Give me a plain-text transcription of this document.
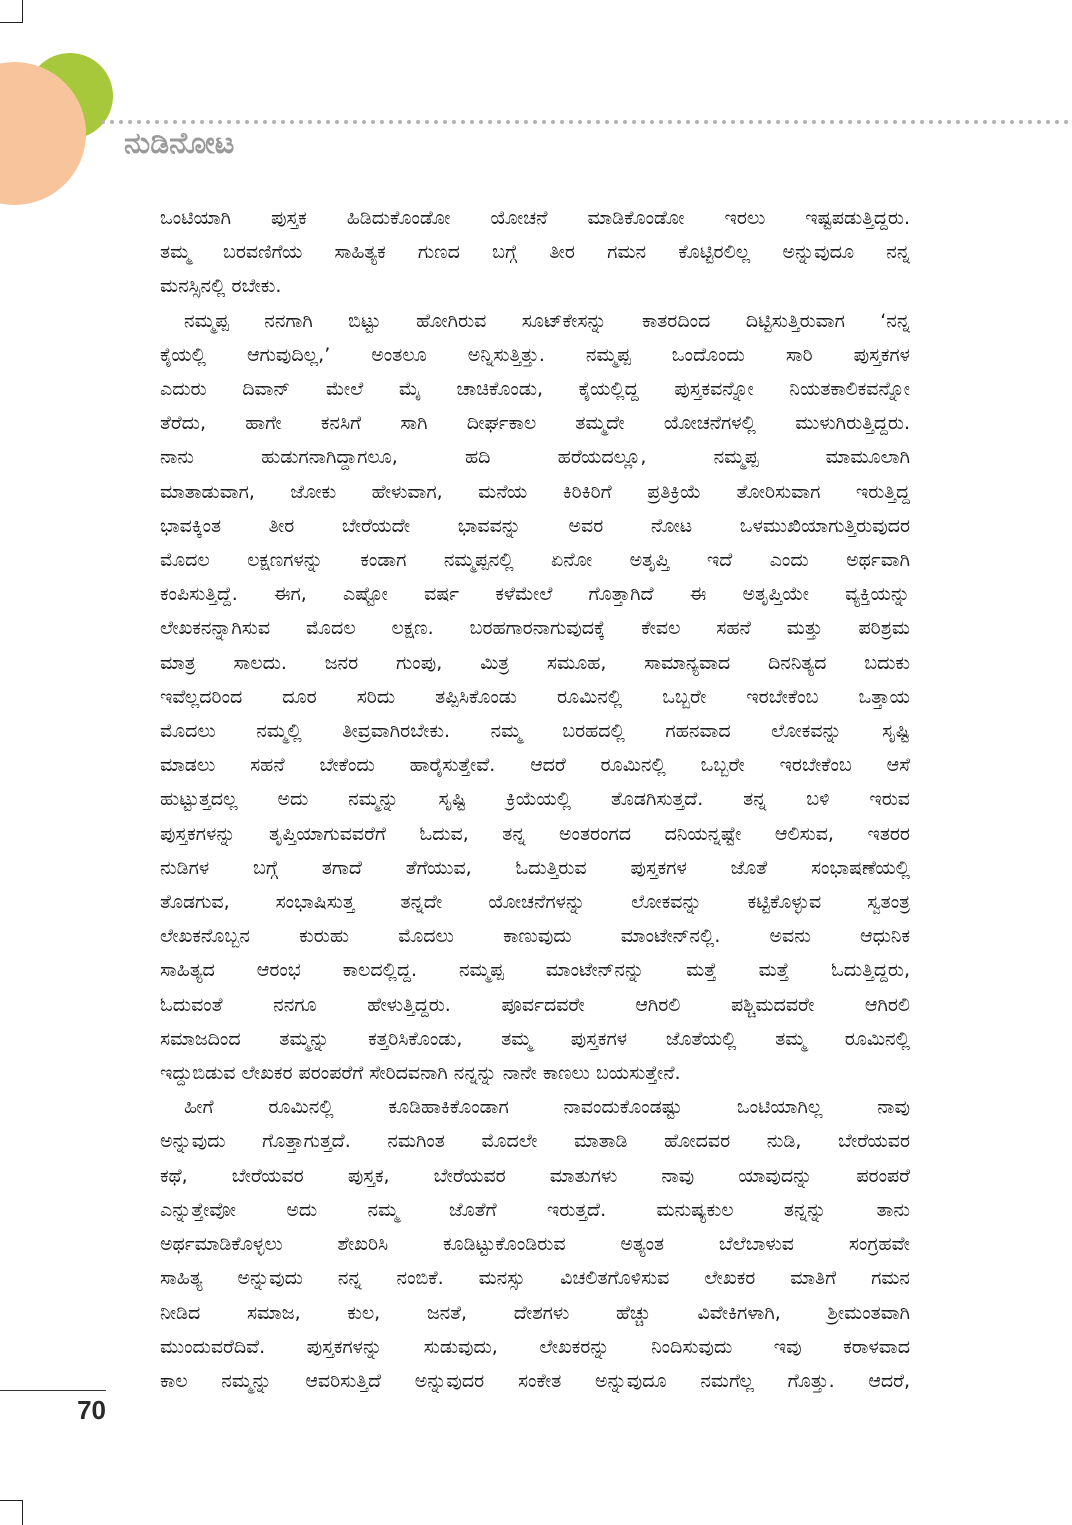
ನುಡಿನೋಟ
ಒಂಟಿಯಾಗಿ ಪುಸ್ತಕ ಹಿಡಿದುಕೊಂಡೋ ಯೋಚನೆ ಮಾಡಿಕೊಂಡೋ ಇರಲು ಇಷ್ಟಪಡುತ್ತಿದ್ದರು.
ತಮ್ಮ ಬರವಣಿಗೆಯ ಸಾಹಿತ್ಯಕ ಗುಣದ ಬಗ್ಗೆ ತೀರ ಗಮನ ಕೊಟ್ಟಿರಲಿಲ್ಲ ಅನ್ನುವುದೂ ನನ್ನ
ಮನಸ್ಸಿನಲ್ಲಿ ರಬೇಕು.
ನಮ್ಮಪ್ಪ ನನಗಾಗಿ ಬಿಟ್ಟು ಹೋಗಿರುವ ಸೂಟ್‌ಕೇಸನ್ನು ಕಾತರದಿಂದ ದಿಟ್ಟಿಸುತ್ತಿರುವಾಗ ‘ನನ್ನ
ಕೈಯಲ್ಲಿ ಆಗುವುದಿಲ್ಲ,’ ಅಂತಲೂ ಅನ್ನಿಸುತ್ತಿತ್ತು. ನಮ್ಮಪ್ಪ ಒಂದೊಂದು ಸಾರಿ ಪುಸ್ತಕಗಳ
ಎದುರು ದಿವಾನ್ ಮೇಲೆ ಮೈ ಚಾಚಿಕೊಂಡು, ಕೈಯಲ್ಲಿದ್ದ ಪುಸ್ತಕವನ್ನೋ ನಿಯತಕಾಲಿಕವನ್ನೋ
ತೆರೆದು, ಹಾಗೇ ಕನಸಿಗೆ ಸಾಗಿ ದೀರ್ಘಕಾಲ ತಮ್ಮದೇ ಯೋಚನೆಗಳಲ್ಲಿ ಮುಳುಗಿರುತ್ತಿದ್ದರು.
ನಾನು ಹುಡುಗನಾಗಿದ್ದಾಗಲೂ, ಹದಿ ಹರೆಯದಲ್ಲೂ, ನಮ್ಮಪ್ಪ ಮಾಮೂಲಾಗಿ
ಮಾತಾಡುವಾಗ, ಜೋಕು ಹೇಳುವಾಗ, ಮನೆಯ ಕಿರಿಕಿರಿಗೆ ಪ್ರತಿಕ್ರಿಯೆ ತೋರಿಸುವಾಗ ಇರುತ್ತಿದ್ದ
ಭಾವಕ್ಕಿಂತ ತೀರ ಬೇರೆಯದೇ ಭಾವವನ್ನು ಅವರ ನೋಟ ಒಳಮುಖಿಯಾಗುತ್ತಿರುವುದರ
ಮೊದಲ ಲಕ್ಷಣಗಳನ್ನು ಕಂಡಾಗ ನಮ್ಮಪ್ಪನಲ್ಲಿ ಏನೋ ಅತೃಪ್ತಿ ಇದೆ ಎಂದು ಅರ್ಥವಾಗಿ
ಕಂಪಿಸುತ್ತಿದ್ದೆ. ಈಗ, ಎಷ್ಟೋ ವರ್ಷ ಕಳೆಮೇಲೆ ಗೊತ್ತಾಗಿದೆ ಈ ಅತೃಪ್ತಿಯೇ ವ್ಯಕ್ತಿಯನ್ನು
ಲೇಖಕನನ್ನಾಗಿಸುವ ಮೊದಲ ಲಕ್ಷಣ. ಬರಹಗಾರನಾಗುವುದಕ್ಕೆ ಕೇವಲ ಸಹನೆ ಮತ್ತು ಪರಿಶ್ರಮ
ಮಾತ್ರ ಸಾಲದು. ಜನರ ಗುಂಪು, ಮಿತ್ರ ಸಮೂಹ, ಸಾಮಾನ್ಯವಾದ ದಿನನಿತ್ಯದ ಬದುಕು
ಇವೆಲ್ಲದರಿಂದ ದೂರ ಸರಿದು ತಪ್ಪಿಸಿಕೊಂಡು ರೂಮಿನಲ್ಲಿ ಒಬ್ಬರೇ ಇರಬೇಕೆಂಬ ಒತ್ತಾಯ
ಮೊದಲು ನಮ್ಮಲ್ಲಿ ತೀವ್ರವಾಗಿರಬೇಕು. ನಮ್ಮ ಬರಹದಲ್ಲಿ ಗಹನವಾದ ಲೋಕವನ್ನು ಸೃಷ್ಟಿ
ಮಾಡಲು ಸಹನೆ ಬೇಕೆಂದು ಹಾರೈಸುತ್ತೇವೆ. ಆದರೆ ರೂಮಿನಲ್ಲಿ ಒಬ್ಬರೇ ಇರಬೇಕೆಂಬ ಆಸೆ
ಹುಟ್ಟುತ್ತದಲ್ಲ ಅದು ನಮ್ಮನ್ನು ಸೃಷ್ಟಿ ಕ್ರಿಯೆಯಲ್ಲಿ ತೊಡಗಿಸುತ್ತದೆ. ತನ್ನ ಬಳಿ ಇರುವ
ಪುಸ್ತಕಗಳನ್ನು ತೃಪ್ತಿಯಾಗುವವರೆಗೆ ಓದುವ, ತನ್ನ ಅಂತರಂಗದ ದನಿಯನ್ನಷ್ಟೇ ಆಲಿಸುವ, ಇತರರ
ನುಡಿಗಳ ಬಗ್ಗೆ ತಗಾದೆ ತೆಗೆಯುವ, ಓದುತ್ತಿರುವ ಪುಸ್ತಕಗಳ ಜೊತೆ ಸಂಭಾಷಣೆಯಲ್ಲಿ
ತೊಡಗುವ, ಸಂಭಾಷಿಸುತ್ತ ತನ್ನದೇ ಯೋಚನೆಗಳನ್ನು ಲೋಕವನ್ನು ಕಟ್ಟಿಕೊಳ್ಳುವ ಸ್ವತಂತ್ರ
ಲೇಖಕನೊಬ್ಬನ ಕುರುಹು ಮೊದಲು ಕಾಣುವುದು ಮಾಂಟೇನ್‌ನಲ್ಲಿ. ಅವನು ಆಧುನಿಕ
ಸಾಹಿತ್ಯದ ಆರಂಭ ಕಾಲದಲ್ಲಿದ್ದ. ನಮ್ಮಪ್ಪ ಮಾಂಟೇನ್‌ನನ್ನು ಮತ್ತೆ ಮತ್ತೆ ಓದುತ್ತಿದ್ದರು,
ಓದುವಂತೆ ನನಗೂ ಹೇಳುತ್ತಿದ್ದರು. ಪೂರ್ವದವರೇ ಆಗಿರಲಿ ಪಶ್ಚಿಮದವರೇ ಆಗಿರಲಿ
ಸಮಾಜದಿಂದ ತಮ್ಮನ್ನು ಕತ್ತರಿಸಿಕೊಂಡು, ತಮ್ಮ ಪುಸ್ತಕಗಳ ಜೊತೆಯಲ್ಲಿ ತಮ್ಮ ರೂಮಿನಲ್ಲಿ
ಇದ್ದುಬಿಡುವ ಲೇಖಕರ ಪರಂಪರೆಗೆ ಸೇರಿದವನಾಗಿ ನನ್ನನ್ನು ನಾನೇ ಕಾಣಲು ಬಯಸುತ್ತೇನೆ.
ಹೀಗೆ ರೂಮಿನಲ್ಲಿ ಕೂಡಿಹಾಕಿಕೊಂಡಾಗ ನಾವಂದುಕೊಂಡಷ್ಟು ಒಂಟಿಯಾಗಿಲ್ಲ ನಾವು
ಅನ್ನುವುದು ಗೊತ್ತಾಗುತ್ತದೆ. ನಮಗಿಂತ ಮೊದಲೇ ಮಾತಾಡಿ ಹೋದವರ ನುಡಿ, ಬೇರೆಯವರ
ಕಥೆ, ಬೇರೆಯವರ ಪುಸ್ತಕ, ಬೇರೆಯವರ ಮಾತುಗಳು ನಾವು ಯಾವುದನ್ನು ಪರಂಪರೆ
ಎನ್ನುತ್ತೇವೋ ಅದು ನಮ್ಮ ಜೊತೆಗೆ ಇರುತ್ತದೆ. ಮನುಷ್ಯಕುಲ ತನ್ನನ್ನು ತಾನು
ಅರ್ಥಮಾಡಿಕೊಳ್ಳಲು ಶೇಖರಿಸಿ ಕೂಡಿಟ್ಟುಕೊಂಡಿರುವ ಅತ್ಯಂತ ಬೆಲೆಬಾಳುವ ಸಂಗ್ರಹವೇ
ಸಾಹಿತ್ಯ ಅನ್ನುವುದು ನನ್ನ ನಂಬಿಕೆ. ಮನಸ್ಸು ವಿಚಲಿತಗೊಳಿಸುವ ಲೇಖಕರ ಮಾತಿಗೆ ಗಮನ
ನೀಡಿದ ಸಮಾಜ, ಕುಲ, ಜನತೆ, ದೇಶಗಳು ಹೆಚ್ಚು ವಿವೇಕಿಗಳಾಗಿ, ಶ್ರೀಮಂತವಾಗಿ
ಮುಂದುವರೆದಿವೆ. ಪುಸ್ತಕಗಳನ್ನು ಸುಡುವುದು, ಲೇಖಕರನ್ನು ನಿಂದಿಸುವುದು ಇವು ಕರಾಳವಾದ
ಕಾಲ ನಮ್ಮನ್ನು ಆವರಿಸುತ್ತಿದೆ ಅನ್ನುವುದರ ಸಂಕೇತ ಅನ್ನುವುದೂ ನಮಗೆಲ್ಲ ಗೊತ್ತು. ಆದರೆ,
70
